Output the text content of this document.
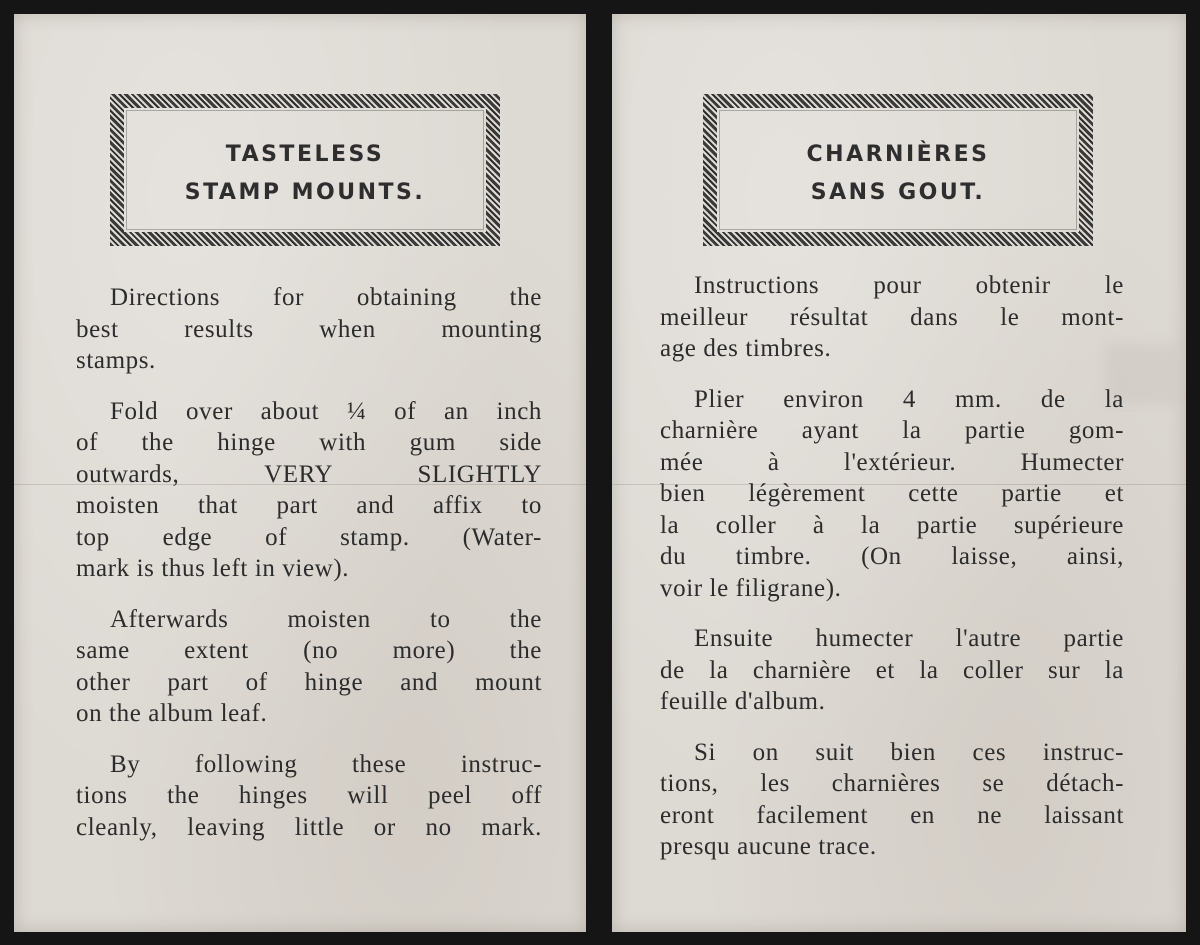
TASTELESS
STAMP MOUNTS.

Directions for obtaining the
best results when mounting
stamps.

Fold over about ¼ of an inch
of the hinge with gum side
outwards, VERY SLIGHTLY
moisten that part and affix to
top edge of stamp. (Water-
mark is thus left in view).

Afterwards moisten to the
same extent (no more) the
other part of hinge and mount
on the album leaf.

By following these instruc-
tions the hinges will peel off
cleanly, leaving little or no mark.

CHARNIÈRES
SANS GOUT.

Instructions pour obtenir le
meilleur résultat dans le mont-
age des timbres.

Plier environ 4 mm. de la
charnière ayant la partie gom-
mée à l'extérieur. Humecter
bien légèrement cette partie et
la coller à la partie supérieure
du timbre. (On laisse, ainsi,
voir le filigrane).

Ensuite humecter l'autre partie
de la charnière et la coller sur la
feuille d'album.

Si on suit bien ces instruc-
tions, les charnières se détach-
eront facilement en ne laissant
presqu aucune trace.
